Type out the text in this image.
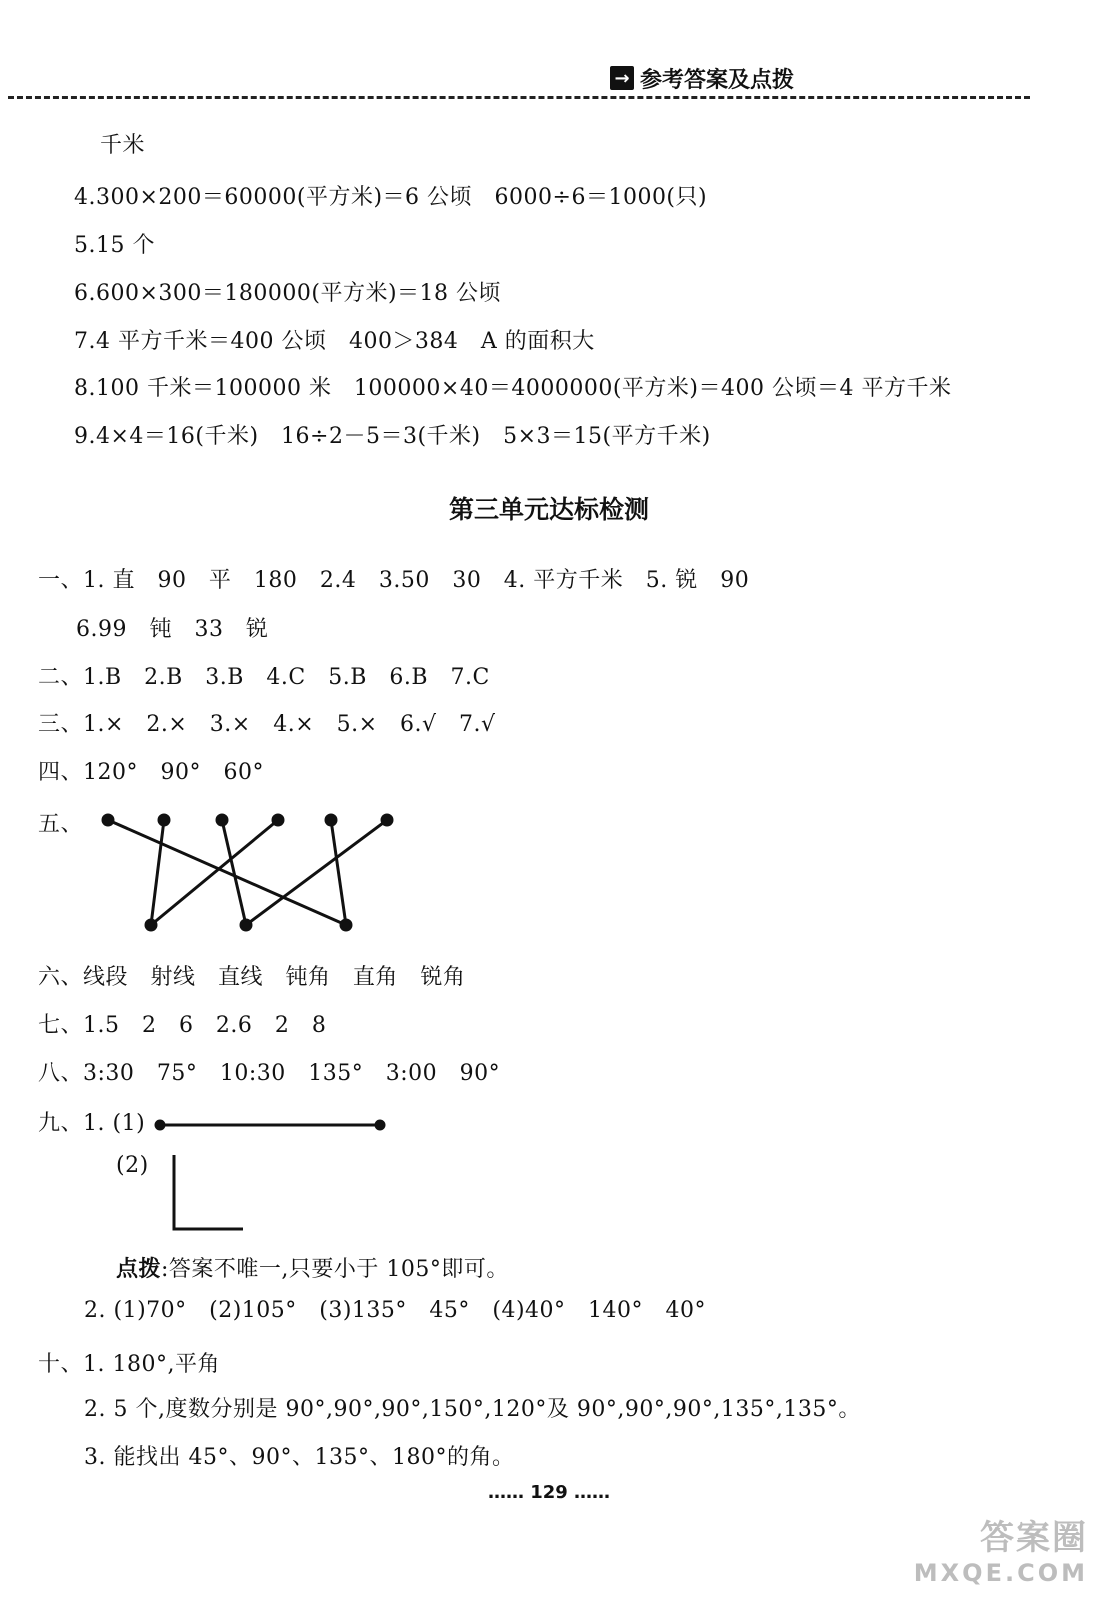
→ 参考答案及点拨
千米
4.300×200＝60000(平方米)＝6 公顷   6000÷6＝1000(只)
5.15 个
6.600×300＝180000(平方米)＝18 公顷
7.4 平方千米＝400 公顷   400＞384   A 的面积大
8.100 千米＝100000 米   100000×40＝4000000(平方米)＝400 公顷＝4 平方千米
9.4×4＝16(千米)   16÷2－5＝3(千米)   5×3＝15(平方千米)
第三单元达标检测
一、1. 直   90   平   180   2.4   3.50   30   4. 平方千米   5. 锐   90
6.99   钝   33   锐
二、1.B   2.B   3.B   4.C   5.B   6.B   7.C
三、1.×   2.×   3.×   4.×   5.×   6.√   7.√
四、120°   90°   60°
五、
六、线段   射线   直线   钝角   直角   锐角
七、1.5   2   6   2.6   2   8
八、3:30   75°   10:30   135°   3:00   90°
九、1. (1)
(2)
点拨:答案不唯一,只要小于 105°即可。
2. (1)70°   (2)105°   (3)135°   45°   (4)40°   140°   40°
十、1. 180°,平角
2. 5 个,度数分别是 90°,90°,90°,150°,120°及 90°,90°,90°,135°,135°。
3. 能找出 45°、90°、135°、180°的角。
…… 129 ……
答案圈
MXQE.COM
